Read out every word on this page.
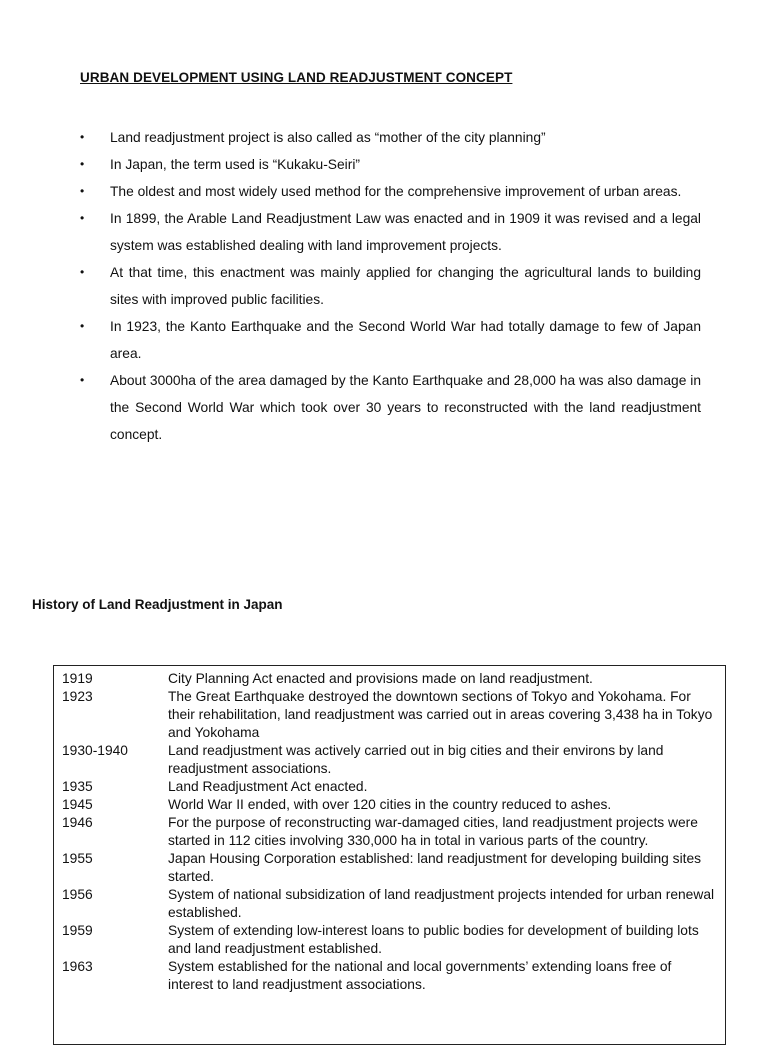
URBAN DEVELOPMENT USING LAND READJUSTMENT CONCEPT
• Land readjustment project is also called as “mother of the city planning”
• In Japan, the term used is “Kukaku-Seiri”
• The oldest and most widely used method for the comprehensive improvement of urban areas.
• In 1899, the Arable Land Readjustment Law was enacted and in 1909 it was revised and a legal system was established dealing with land improvement projects.
• At that time, this enactment was mainly applied for changing the agricultural lands to building sites with improved public facilities.
• In 1923, the Kanto Earthquake and the Second World War had totally damage to few of Japan area.
• About 3000ha of the area damaged by the Kanto Earthquake and 28,000 ha was also damage in the Second World War which took over 30 years to reconstructed with the land readjustment concept.
History of Land Readjustment in Japan
1919	City Planning Act enacted and provisions made on land readjustment.
1923	The Great Earthquake destroyed the downtown sections of Tokyo and Yokohama. For their rehabilitation, land readjustment was carried out in areas covering 3,438 ha in Tokyo and Yokohama
1930-1940	Land readjustment was actively carried out in big cities and their environs by land readjustment associations.
1935	Land Readjustment Act enacted.
1945	World War II ended, with over 120 cities in the country reduced to ashes.
1946	For the purpose of reconstructing war-damaged cities, land readjustment projects were started in 112 cities involving 330,000 ha in total in various parts of the country.
1955	Japan Housing Corporation established: land readjustment for developing building sites started.
1956	System of national subsidization of land readjustment projects intended for urban renewal established.
1959	System of extending low-interest loans to public bodies for development of building lots and land readjustment established.
1963	System established for the national and local governments’ extending loans free of interest to land readjustment associations.
